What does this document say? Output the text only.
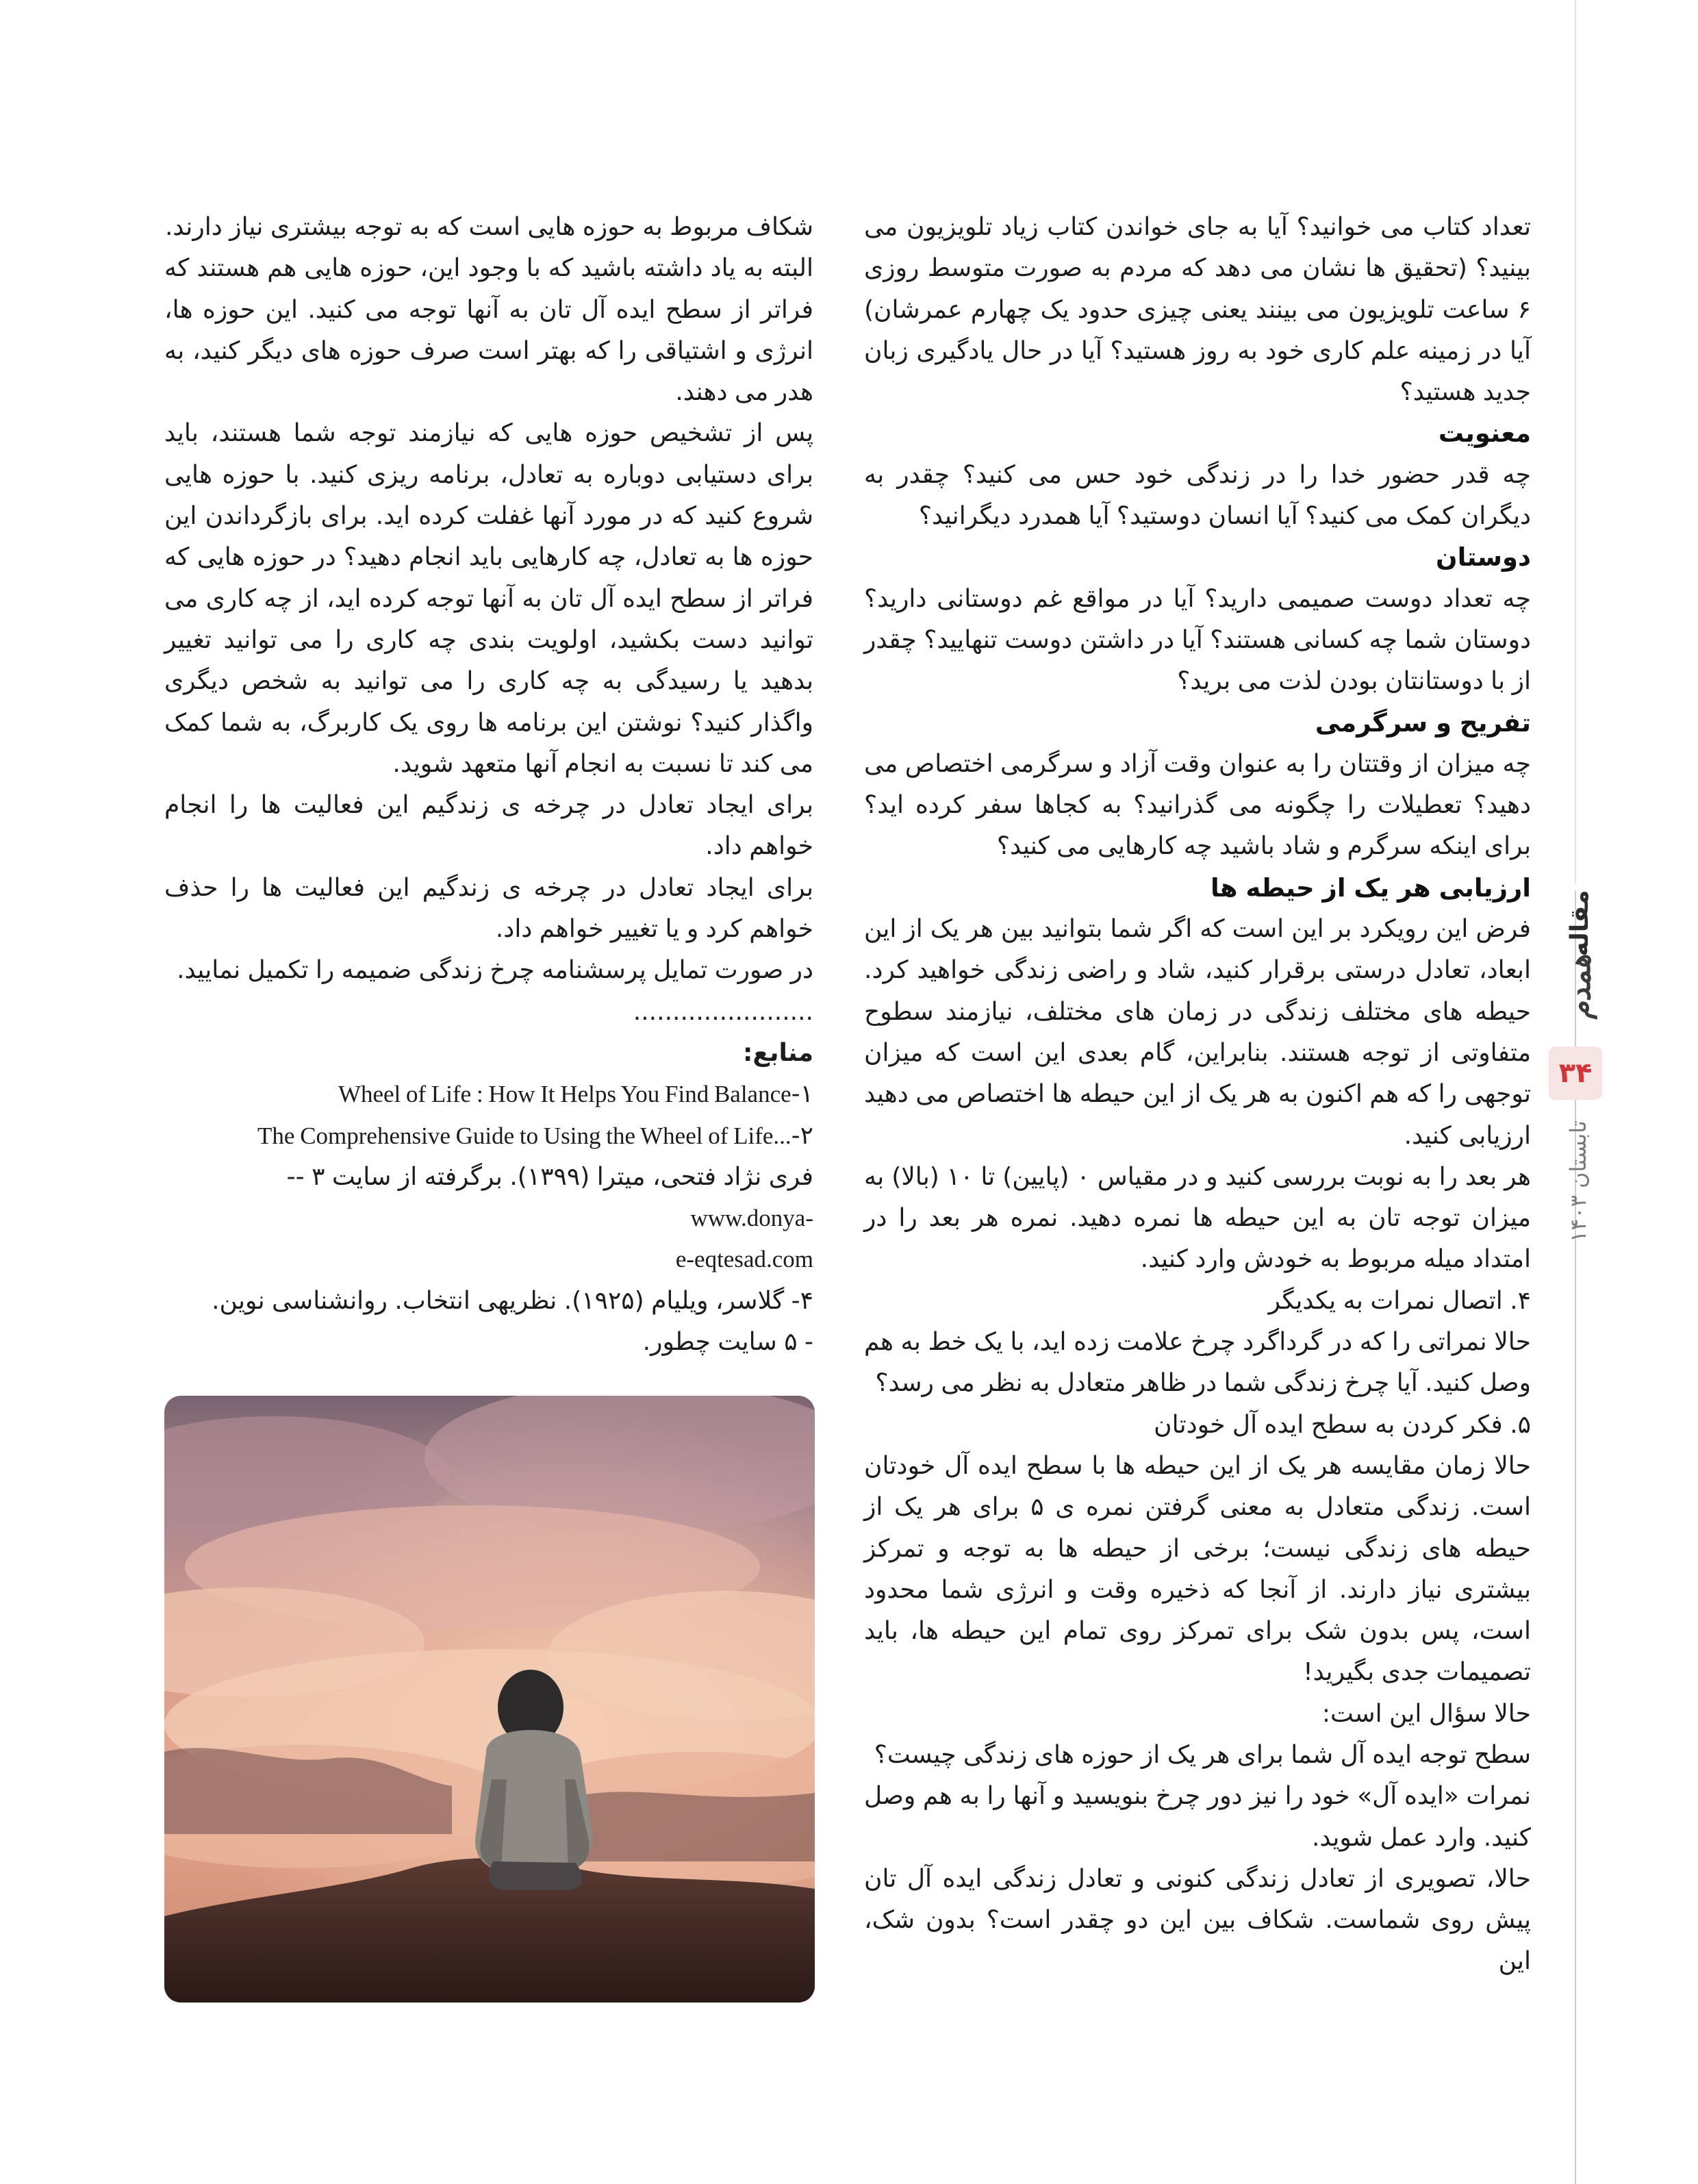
تعداد کتاب می خوانید؟ آیا به جای خواندن کتاب زیاد تلویزیون می بینید؟ (تحقیق ها نشان می دهد که مردم به صورت متوسط روزی ۶ ساعت تلویزیون می بینند یعنی چیزی حدود یک چهارم عمرشان) آیا در زمینه علم کاری خود به روز هستید؟ آیا در حال یادگیری زبان جدید هستید؟

معنویت

چه قدر حضور خدا را در زندگی خود حس می کنید؟ چقدر به دیگران کمک می کنید؟ آیا انسان دوستید؟ آیا همدرد دیگرانید؟

دوستان

چه تعداد دوست صمیمی دارید؟ آیا در مواقع غم دوستانی دارید؟ دوستان شما چه کسانی هستند؟ آیا در داشتن دوست تنهایید؟ چقدر از با دوستانتان بودن لذت می برید؟

تفریح و سرگرمی

چه میزان از وقتتان را به عنوان وقت آزاد و سرگرمی اختصاص می دهید؟ تعطیلات را چگونه می گذرانید؟ به کجاها سفر کرده اید؟ برای اینکه سرگرم و شاد باشید چه کارهایی می کنید؟

ارزیابی هر یک از حیطه ها

فرض این رویکرد بر این است که اگر شما بتوانید بین هر یک از این ابعاد، تعادل درستی برقرار کنید، شاد و راضی زندگی خواهید کرد. حیطه های مختلف زندگی در زمان های مختلف، نیازمند سطوح متفاوتی از توجه هستند. بنابراین، گام بعدی این است که میزان توجهی را که هم اکنون به هر یک از این حیطه ها اختصاص می دهید ارزیابی کنید.

هر بعد را به نوبت بررسی کنید و در مقیاس ۰ (پایین) تا ۱۰ (بالا) به میزان توجه تان به این حیطه ها نمره دهید. نمره هر بعد را در امتداد میله مربوط به خودش وارد کنید.

۴. اتصال نمرات به یکدیگر

حالا نمراتی را که در گرداگرد چرخ علامت زده اید، با یک خط به هم وصل کنید. آیا چرخ زندگی شما در ظاهر متعادل به نظر می رسد؟

۵. فکر کردن به سطح ایده آل خودتان

حالا زمان مقایسه هر یک از این حیطه ها با سطح ایده آل خودتان است. زندگی متعادل به معنی گرفتن نمره ی ۵ برای هر یک از حیطه های زندگی نیست؛ برخی از حیطه ها به توجه و تمرکز بیشتری نیاز دارند. از آنجا که ذخیره وقت و انرژی شما محدود است، پس بدون شک برای تمرکز روی تمام این حیطه ها، باید تصمیمات جدی بگیرید!

حالا سؤال این است:

سطح توجه ایده آل شما برای هر یک از حوزه های زندگی چیست؟

نمرات «ایده آل» خود را نیز دور چرخ بنویسید و آنها را به هم وصل کنید. وارد عمل شوید.

حالا، تصویری از تعادل زندگی کنونی و تعادل زندگی ایده آل تان پیش روی شماست. شکاف بین این دو چقدر است؟ بدون شک، این

شکاف مربوط به حوزه هایی است که به توجه بیشتری نیاز دارند.

البته به یاد داشته باشید که با وجود این، حوزه هایی هم هستند که فراتر از سطح ایده آل تان به آنها توجه می کنید. این حوزه ها، انرژی و اشتیاقی را که بهتر است صرف حوزه های دیگر کنید، به هدر می دهند.

پس از تشخیص حوزه هایی که نیازمند توجه شما هستند، باید برای دستیابی دوباره به تعادل، برنامه ریزی کنید. با حوزه هایی شروع کنید که در مورد آنها غفلت کرده اید. برای بازگرداندن این حوزه ها به تعادل، چه کارهایی باید انجام دهید؟ در حوزه هایی که فراتر از سطح ایده آل تان به آنها توجه کرده اید، از چه کاری می توانید دست بکشید، اولویت بندی چه کاری را می توانید تغییر بدهید یا رسیدگی به چه کاری را می توانید به شخص دیگری واگذار کنید؟ نوشتن این برنامه ها روی یک کاربرگ، به شما کمک می کند تا نسبت به انجام آنها متعهد شوید.

برای ایجاد تعادل در چرخه ی زندگیم این فعالیت ها را انجام خواهم داد.

برای ایجاد تعادل در چرخه ی زندگیم این فعالیت ها را حذف خواهم کرد و یا تغییر خواهم داد.

در صورت تمایل پرسشنامه چرخ زندگی ضمیمه را تکمیل نمایید.

.......................

منابع:

۱-Wheel of Life : How It Helps You Find Balance

۲-The Comprehensive Guide to Using the Wheel of Life...

فری نژاد فتحی، میترا (۱۳۹۹). برگرفته از سایت ۳ -- www.donya-

e-eqtesad.com

۴- گلاسر، ویلیام (۱۹۲۵). نظریهی انتخاب. روانشناسی نوین.

- ۵ سایت چطور.

مقاله
همدم
۳۴
تابستان ۱۴۰۳
